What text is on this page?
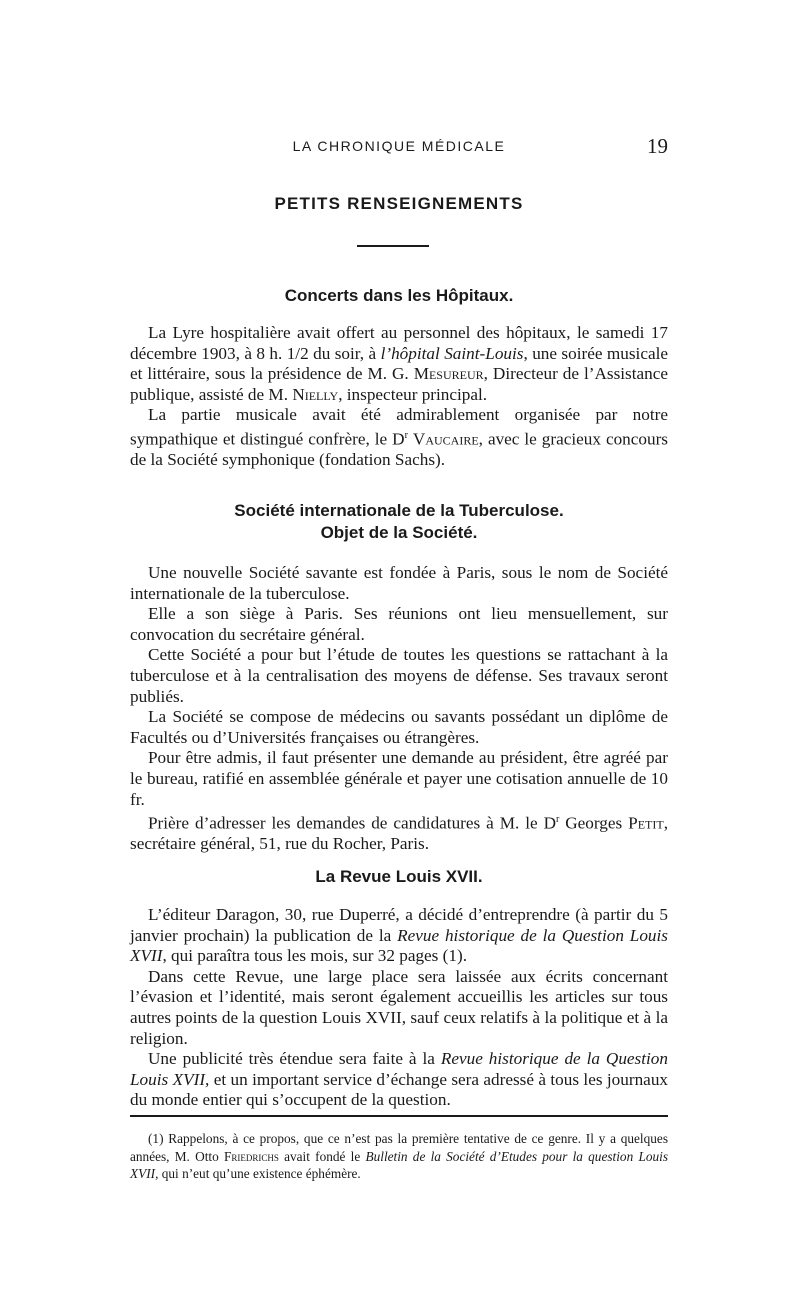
LA CHRONIQUE MÉDICALE	19
PETITS RENSEIGNEMENTS
Concerts dans les Hôpitaux.

La Lyre hospitalière avait offert au personnel des hôpitaux, le samedi 17 décembre 1903, à 8 h. 1/2 du soir, à l’hôpital Saint-Louis, une soirée musicale et littéraire, sous la présidence de M. G. Mesureur, Directeur de l’Assistance publique, assisté de M. Nielly, inspecteur principal.

La partie musicale avait été admirablement organisée par notre sympathique et distingué confrère, le $D^r$ Vaucaire, avec le gracieux concours de la Société symphonique (fondation Sachs).

Société internationale de la Tuberculose.
Objet de la Société.

Une nouvelle Société savante est fondée à Paris, sous le nom de Société internationale de la tuberculose.

Elle a son siège à Paris. Ses réunions ont lieu mensuellement, sur convocation du secrétaire général.

Cette Société a pour but l’étude de toutes les questions se rattachant à la tuberculose et à la centralisation des moyens de défense. Ses travaux seront publiés.

La Société se compose de médecins ou savants possédant un diplôme de Facultés ou d’Universités françaises ou étrangères.

Pour être admis, il faut présenter une demande au président, être agréé par le bureau, ratifié en assemblée générale et payer une cotisation annuelle de 10 fr.

Prière d’adresser les demandes de candidatures à M. le $D^r$ Georges Petit, secrétaire général, 51, rue du Rocher, Paris.

La Revue Louis XVII.

L’éditeur Daragon, 30, rue Duperré, a décidé d’entreprendre (à partir du 5 janvier prochain) la publication de la Revue historique de la Question Louis XVII, qui paraîtra tous les mois, sur 32 pages (1).

Dans cette Revue, une large place sera laissée aux écrits concernant l’évasion et l’identité, mais seront également accueillis les articles sur tous autres points de la question Louis XVII, sauf ceux relatifs à la politique et à la religion.

Une publicité très étendue sera faite à la Revue historique de la Question Louis XVII, et un important service d’échange sera adressé à tous les journaux du monde entier qui s’occupent de la question.

(1) Rappelons, à ce propos, que ce n’est pas la première tentative de ce genre. Il y a quelques années, M. Otto Friedrichs avait fondé le Bulletin de la Société d’Etudes pour la question Louis XVII, qui n’eut qu’une existence éphémère.
